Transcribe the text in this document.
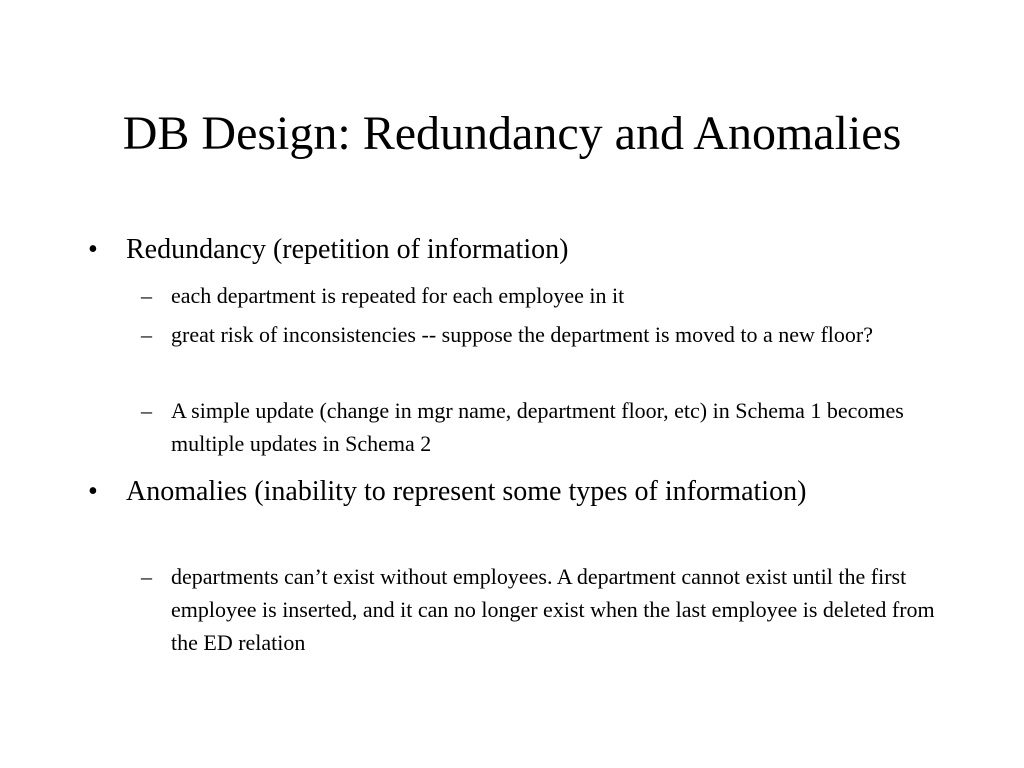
DB Design: Redundancy and Anomalies
• Redundancy (repetition of information)
– each department is repeated for each employee in it
– great risk of inconsistencies -- suppose the department is moved to a new floor?
– A simple update (change in mgr name, department floor, etc) in Schema 1 becomes multiple updates in Schema 2
• Anomalies (inability to represent some types of information)
– departments can’t exist without employees. A department cannot exist until the first employee is inserted, and it can no longer exist when the last employee is deleted from the ED relation
